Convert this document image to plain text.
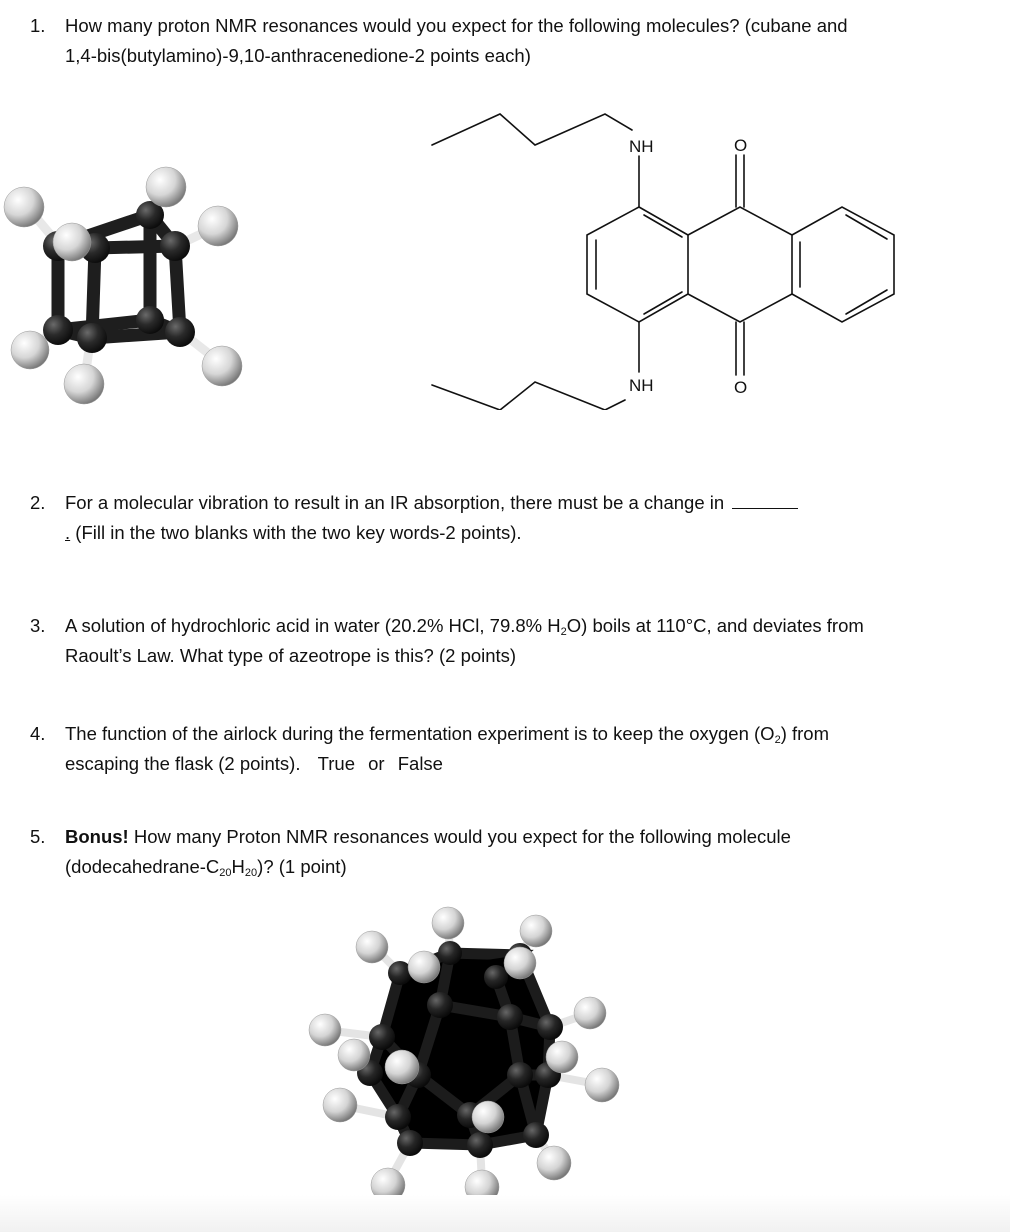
1. How many proton NMR resonances would you expect for the following molecules? (cubane and
1,4-bis(butylamino)-9,10-anthracenedione-2 points each)
NH	O
NH	O
2. For a molecular vibration to result in an IR absorption, there must be a change in
. (Fill in the two blanks with the two key words-2 points).
3. A solution of hydrochloric acid in water (20.2% HCl, 79.8% $H_2O$) boils at 110°C, and deviates from
Raoult’s Law. What type of azeotrope is this? (2 points)
4. The function of the airlock during the fermentation experiment is to keep the oxygen $(O_2)$ from
escaping the flask (2 points). True or False
5. Bonus! How many Proton NMR resonances would you expect for the following molecule
$(dodecahedrane-C_{20}H_{20})$? (1 point)
